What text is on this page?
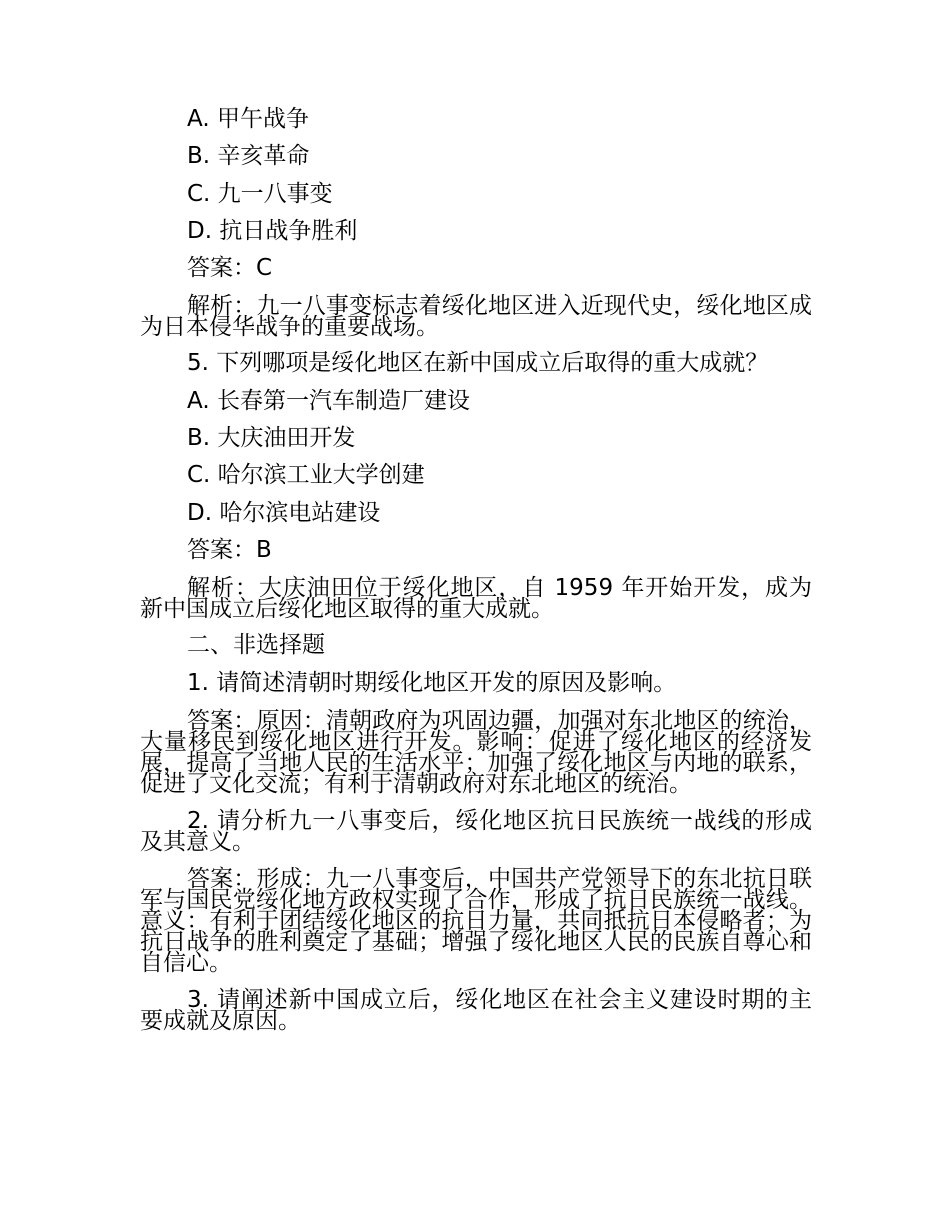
A. 甲午战争
B. 辛亥革命
C. 九一八事变
D. 抗日战争胜利
答案：C
解析：九一八事变标志着绥化地区进入近现代史，绥化地区成为日本侵华战争的重要战场。
5. 下列哪项是绥化地区在新中国成立后取得的重大成就？
A. 长春第一汽车制造厂建设
B. 大庆油田开发
C. 哈尔滨工业大学创建
D. 哈尔滨电站建设
答案：B
解析：大庆油田位于绥化地区，自 1959 年开始开发，成为新中国成立后绥化地区取得的重大成就。
二、非选择题
1. 请简述清朝时期绥化地区开发的原因及影响。
答案：原因：清朝政府为巩固边疆，加强对东北地区的统治，大量移民到绥化地区进行开发。影响：促进了绥化地区的经济发展，提高了当地人民的生活水平；加强了绥化地区与内地的联系，促进了文化交流；有利于清朝政府对东北地区的统治。
2. 请分析九一八事变后，绥化地区抗日民族统一战线的形成及其意义。
答案：形成：九一八事变后，中国共产党领导下的东北抗日联军与国民党绥化地方政权实现了合作，形成了抗日民族统一战线。意义：有利于团结绥化地区的抗日力量，共同抵抗日本侵略者；为抗日战争的胜利奠定了基础；增强了绥化地区人民的民族自尊心和自信心。
3. 请阐述新中国成立后，绥化地区在社会主义建设时期的主要成就及原因。
